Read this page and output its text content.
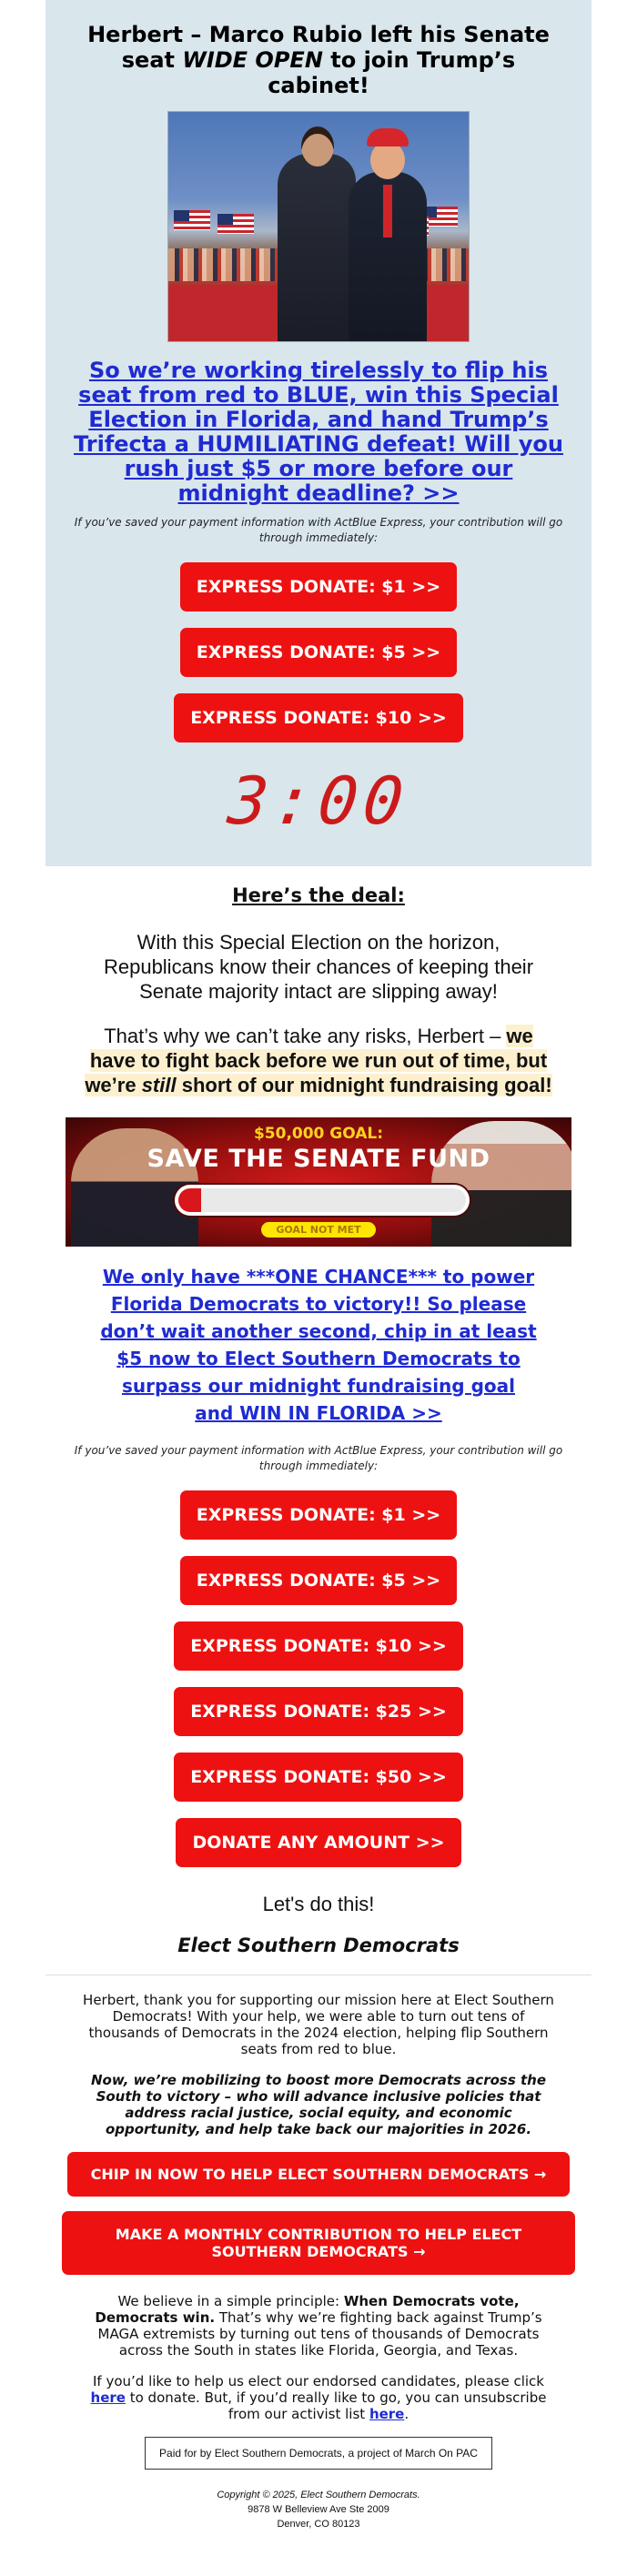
Herbert – Marco Rubio left his Senate seat WIDE OPEN to join Trump’s cabinet!
So we’re working tirelessly to flip his seat from red to BLUE, win this Special Election in Florida, and hand Trump’s Trifecta a HUMILIATING defeat! Will you rush just $5 or more before our midnight deadline? >>
If you’ve saved your payment information with ActBlue Express, your contribution will go through immediately:
EXPRESS DONATE: $1 >>
EXPRESS DONATE: $5 >>
EXPRESS DONATE: $10 >>
3:00
Here’s the deal:

With this Special Election on the horizon, Republicans know their chances of keeping their Senate majority intact are slipping away!

That’s why we can’t take any risks, Herbert – we have to fight back before we run out of time, but we’re still short of our midnight fundraising goal!

$50,000 GOAL:
SAVE THE SENATE FUND
GOAL NOT MET
We only have ***ONE CHANCE*** to power Florida Democrats to victory!! So please don’t wait another second, chip in at least $5 now to Elect Southern Democrats to surpass our midnight fundraising goal and WIN IN FLORIDA >>
If you’ve saved your payment information with ActBlue Express, your contribution will go through immediately:
EXPRESS DONATE: $1 >>
EXPRESS DONATE: $5 >>
EXPRESS DONATE: $10 >>
EXPRESS DONATE: $25 >>
EXPRESS DONATE: $50 >>
DONATE ANY AMOUNT >>
Let's do this!
Elect Southern Democrats

Herbert, thank you for supporting our mission here at Elect Southern Democrats! With your help, we were able to turn out tens of thousands of Democrats in the 2024 election, helping flip Southern seats from red to blue.

Now, we’re mobilizing to boost more Democrats across the South to victory – who will advance inclusive policies that address racial justice, social equity, and economic opportunity, and help take back our majorities in 2026.

CHIP IN NOW TO HELP ELECT SOUTHERN DEMOCRATS →
MAKE A MONTHLY CONTRIBUTION TO HELP ELECT SOUTHERN DEMOCRATS →

We believe in a simple principle: When Democrats vote, Democrats win. That’s why we’re fighting back against Trump’s MAGA extremists by turning out tens of thousands of Democrats across the South in states like Florida, Georgia, and Texas.

If you’d like to help us elect our endorsed candidates, please click here to donate. But, if you’d really like to go, you can unsubscribe from our activist list here.

Paid for by Elect Southern Democrats, a project of March On PAC
Copyright © 2025, Elect Southern Democrats.
9878 W Belleview Ave Ste 2009
Denver, CO 80123
